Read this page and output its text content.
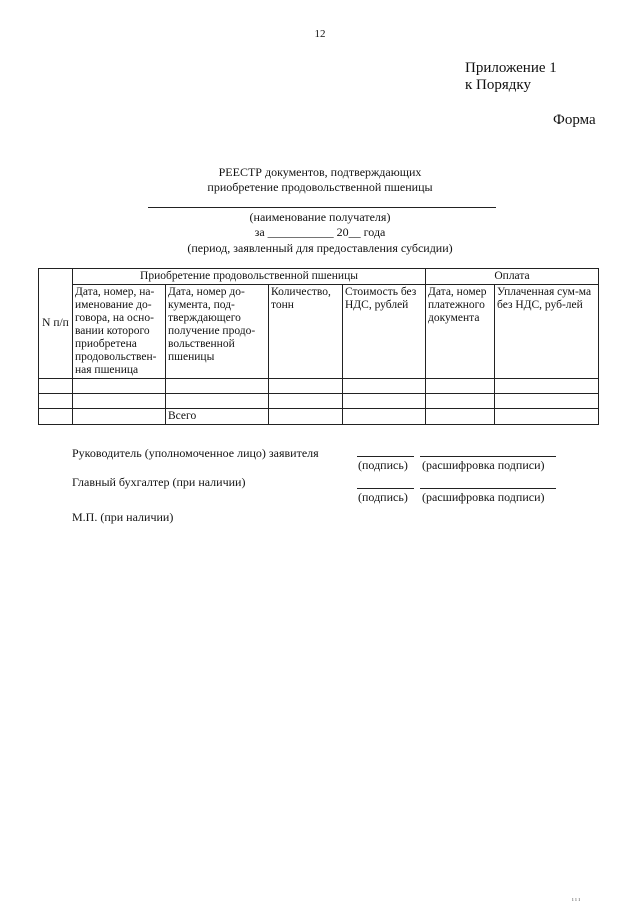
12
Приложение 1
к Порядку
Форма
РЕЕСТР документов, подтверждающих
приобретение продовольственной пшеницы
(наименование получателя)
за ___________ 20__ года
(период, заявленный для предоставления субсидии)
N п/п	Приобретение продовольственной пшеницы				Оплата	
	Дата, номер, на-именование до-говора, на осно-вании которого приобретена продовольствен-ная пшеница	Дата, номер до-кумента, под-тверждающего получение продо-вольственной пшеницы	Количество, тонн	Стоимость без НДС, рублей	Дата, номер платежного документа	Уплаченная сум-ма без НДС, руб-лей

		Всего				
Руководитель (уполномоченное лицо) заявителя
(подпись) (расшифровка подписи)
Главный бухгалтер (при наличии)
(подпись) (расшифровка подписи)
М.П. (при наличии)
ı ı ı
